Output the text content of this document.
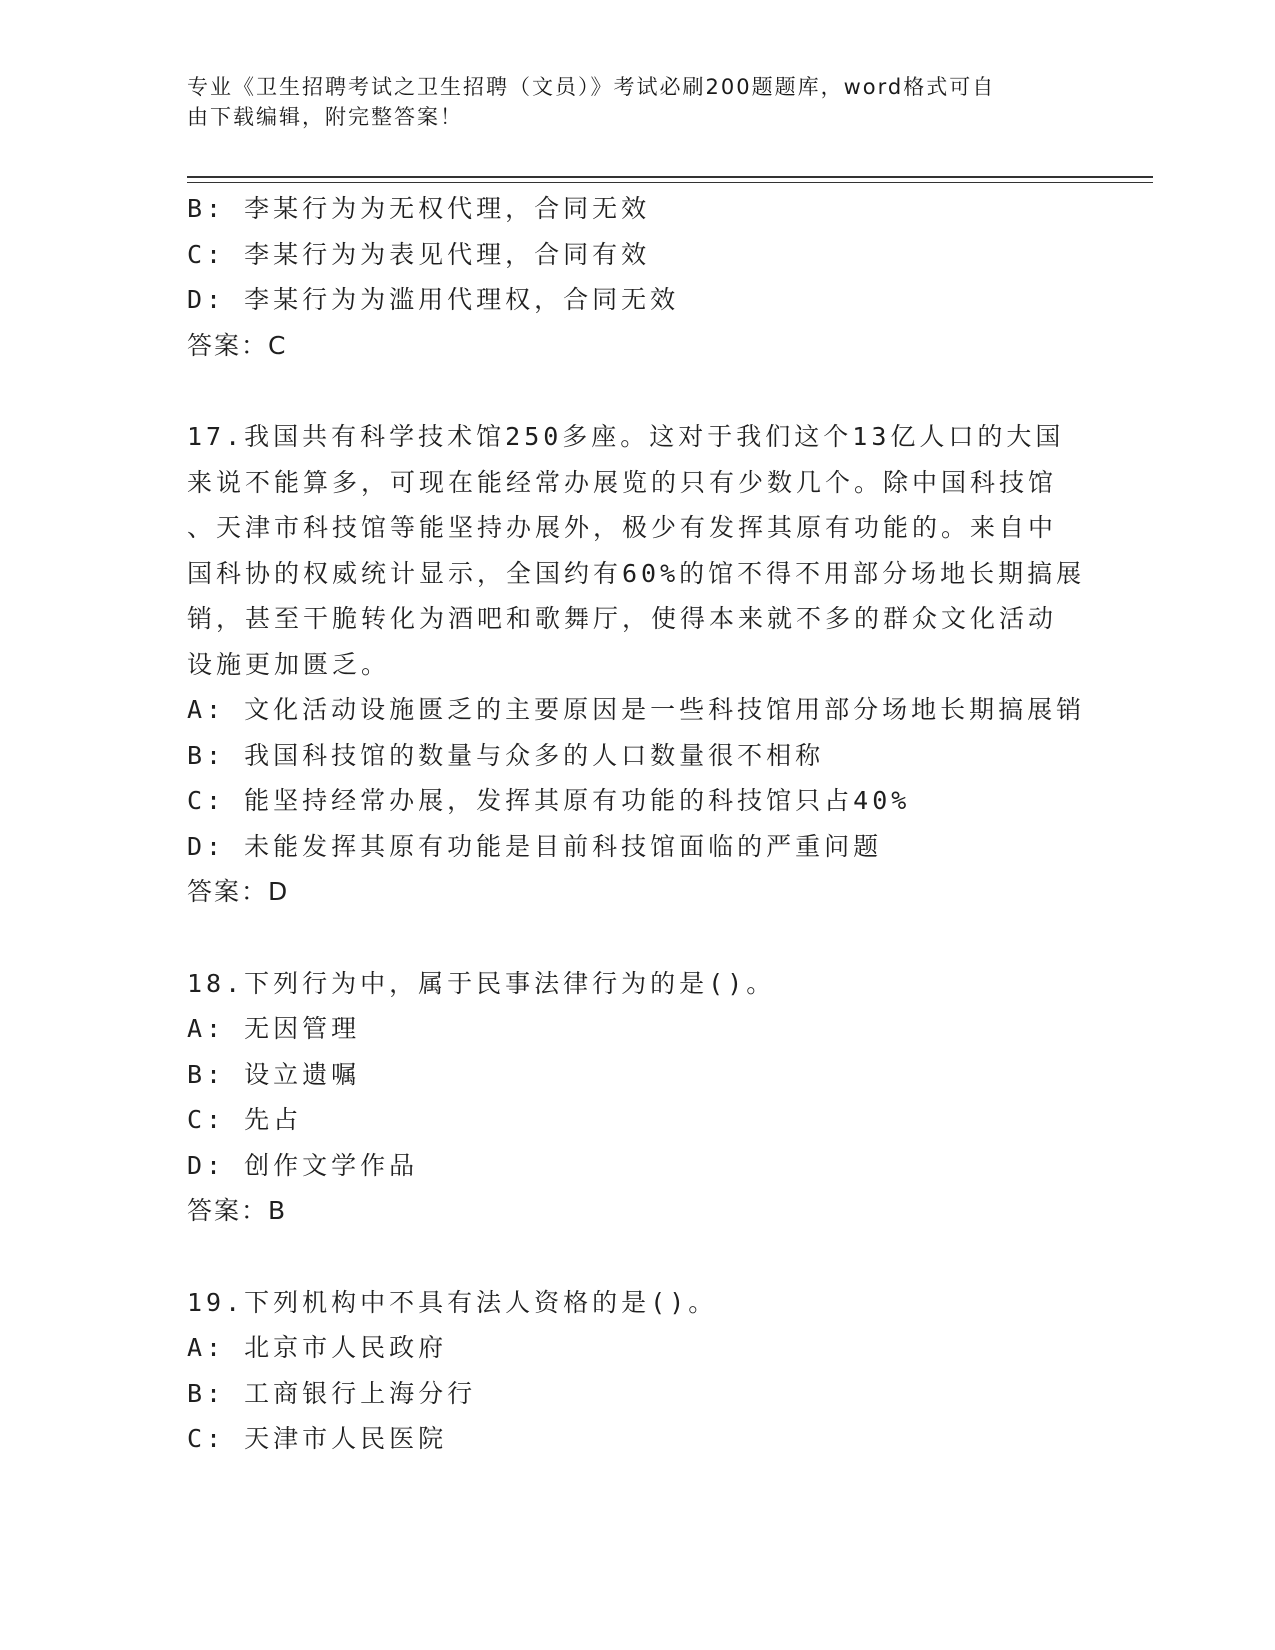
专业《卫生招聘考试之卫生招聘（文员）》考试必刷200题题库，word格式可自
由下载编辑，附完整答案！
B: 李某行为为无权代理，合同无效
C: 李某行为为表见代理，合同有效
D: 李某行为为滥用代理权，合同无效
答案：C
17.我国共有科学技术馆250多座。这对于我们这个13亿人口的大国
来说不能算多，可现在能经常办展览的只有少数几个。除中国科技馆
、天津市科技馆等能坚持办展外，极少有发挥其原有功能的。来自中
国科协的权威统计显示，全国约有60%的馆不得不用部分场地长期搞展
销，甚至干脆转化为酒吧和歌舞厅，使得本来就不多的群众文化活动
设施更加匮乏。
A: 文化活动设施匮乏的主要原因是一些科技馆用部分场地长期搞展销
B: 我国科技馆的数量与众多的人口数量很不相称
C: 能坚持经常办展，发挥其原有功能的科技馆只占40%
D: 未能发挥其原有功能是目前科技馆面临的严重问题
答案：D
18.下列行为中，属于民事法律行为的是()。
A: 无因管理
B: 设立遗嘱
C: 先占
D: 创作文学作品
答案：B
19.下列机构中不具有法人资格的是()。
A: 北京市人民政府
B: 工商银行上海分行
C: 天津市人民医院
